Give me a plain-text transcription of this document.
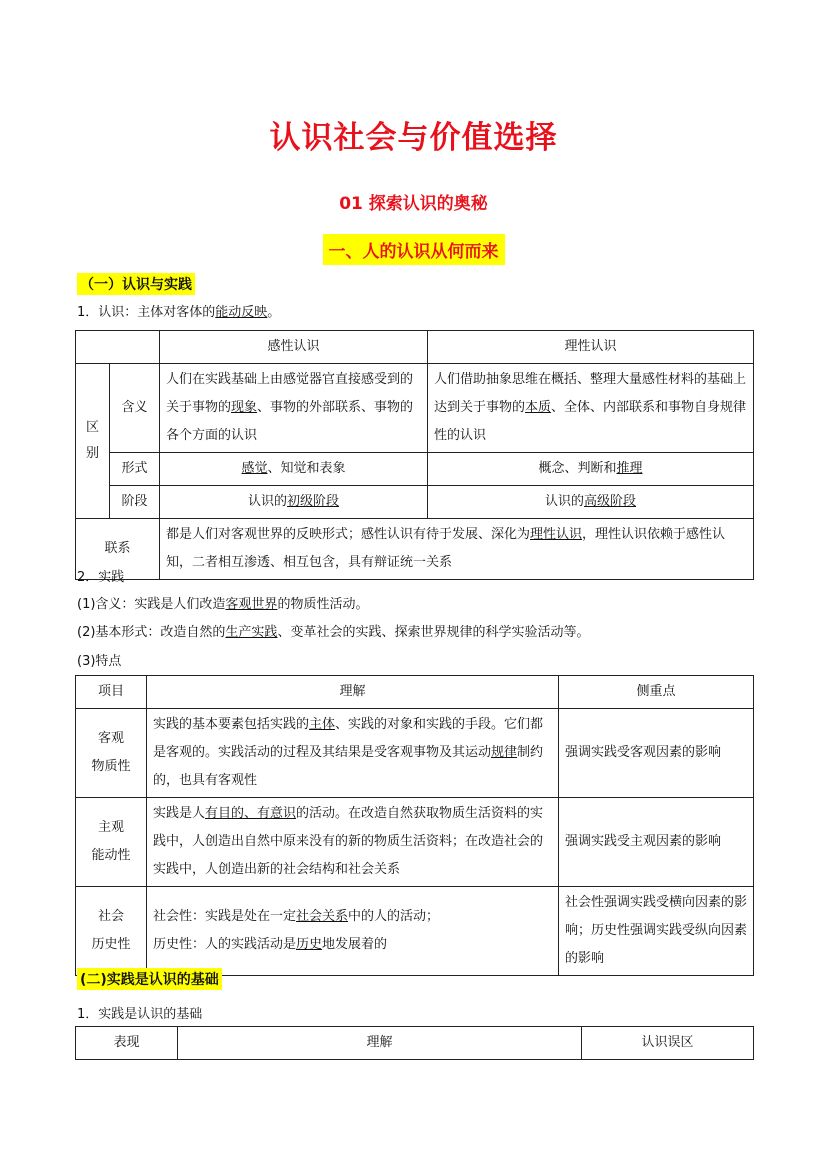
认识社会与价值选择
01 探索认识的奥秘
一、人的认识从何而来
（一）认识与实践
1．认识：主体对客体的能动反映。
		感性认识	理性认识
区
别	含义	人们在实践基础上由感觉器官直接感受到的关于事物的现象、事物的外部联系、事物的各个方面的认识	人们借助抽象思维在概括、整理大量感性材料的基础上达到关于事物的本质、全体、内部联系和事物自身规律性的认识
	形式	感觉、知觉和表象	概念、判断和推理
	阶段	认识的初级阶段	认识的高级阶段
联系		都是人们对客观世界的反映形式；感性认识有待于发展、深化为理性认识，理性认识依赖于感性认知，二者相互渗透、相互包含，具有辩证统一关系	
2．实践
(1)含义：实践是人们改造客观世界的物质性活动。
(2)基本形式：改造自然的生产实践、变革社会的实践、探索世界规律的科学实验活动等。
(3)特点
项目	理解	侧重点
客观
物质性	实践的基本要素包括实践的主体、实践的对象和实践的手段。它们都是客观的。实践活动的过程及其结果是受客观事物及其运动规律制约的，也具有客观性	强调实践受客观因素的影响
主观
能动性	实践是人有目的、有意识的活动。在改造自然获取物质生活资料的实践中，人创造出自然中原来没有的新的物质生活资料；在改造社会的实践中，人创造出新的社会结构和社会关系	强调实践受主观因素的影响
社会
历史性	社会性：实践是处在一定社会关系中的人的活动；
历史性：人的实践活动是历史地发展着的	社会性强调实践受横向因素的影响；历史性强调实践受纵向因素的影响
(二)实践是认识的基础
1．实践是认识的基础
表现	理解	认识误区
